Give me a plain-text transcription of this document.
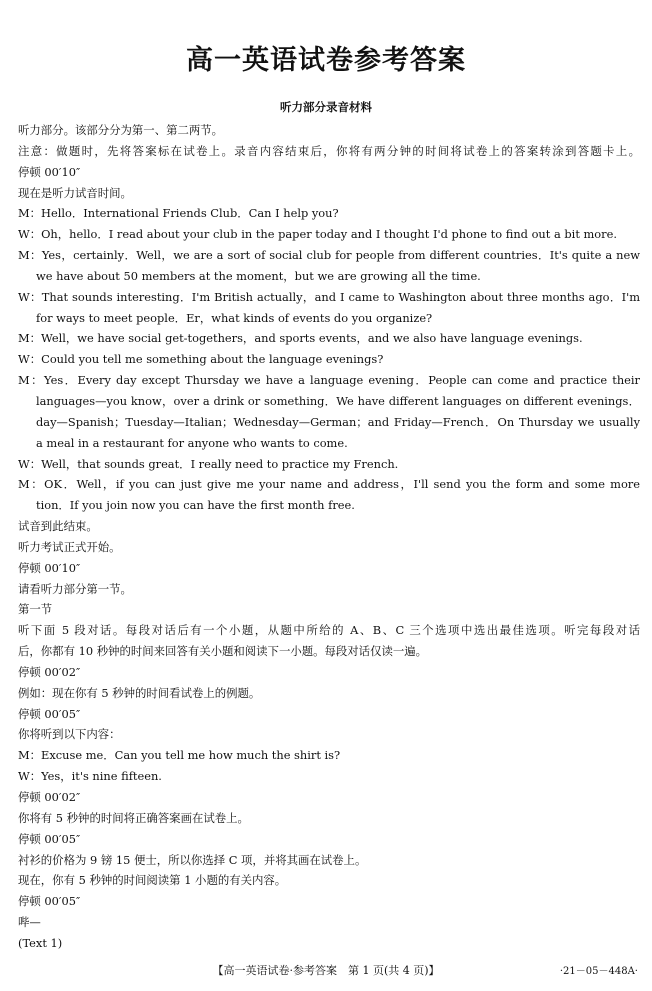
高一英语试卷参考答案
听力部分录音材料
听力部分。该部分分为第一、第二两节。
注意：做题时，先将答案标在试卷上。录音内容结束后，你将有两分钟的时间将试卷上的答案转涂到答题卡上。
停顿 00′10″
现在是听力试音时间。
M：Hello．International Friends Club．Can I help you?
W：Oh，hello．I read about your club in the paper today and I thought I'd phone to find out a bit more.
M：Yes，certainly．Well，we are a sort of social club for people from different countries．It's quite a new
we have about 50 members at the moment，but we are growing all the time.
W：That sounds interesting．I'm British actually，and I came to Washington about three months ago．I'm
for ways to meet people．Er，what kinds of events do you organize?
M：Well，we have social get-togethers，and sports events，and we also have language evenings.
W：Could you tell me something about the language evenings?
M：Yes．Every day except Thursday we have a language evening．People can come and practice their
languages—you know，over a drink or something．We have different languages on different evenings．
day—Spanish；Tuesday—Italian；Wednesday—German；and Friday—French．On Thursday we usually
a meal in a restaurant for anyone who wants to come.
W：Well，that sounds great．I really need to practice my French.
M：OK．Well，if you can just give me your name and address，I'll send you the form and some more
tion．If you join now you can have the first month free.
试音到此结束。
听力考试正式开始。
停顿 00′10″
请看听力部分第一节。
第一节
听下面 5 段对话。每段对话后有一个小题，从题中所给的 A、B、C 三个选项中选出最佳选项。听完每段对话
后，你都有 10 秒钟的时间来回答有关小题和阅读下一小题。每段对话仅读一遍。
停顿 00′02″
例如：现在你有 5 秒钟的时间看试卷上的例题。
停顿 00′05″
你将听到以下内容：
M：Excuse me．Can you tell me how much the shirt is?
W：Yes，it's nine fifteen.
停顿 00′02″
你将有 5 秒钟的时间将正确答案画在试卷上。
停顿 00′05″
衬衫的价格为 9 镑 15 便士，所以你选择 C 项，并将其画在试卷上。
现在，你有 5 秒钟的时间阅读第 1 小题的有关内容。
停顿 00′05″
哔—
(Text 1)
【高一英语试卷·参考答案　第 1 页(共 4 页)】	·21－05－448A·
